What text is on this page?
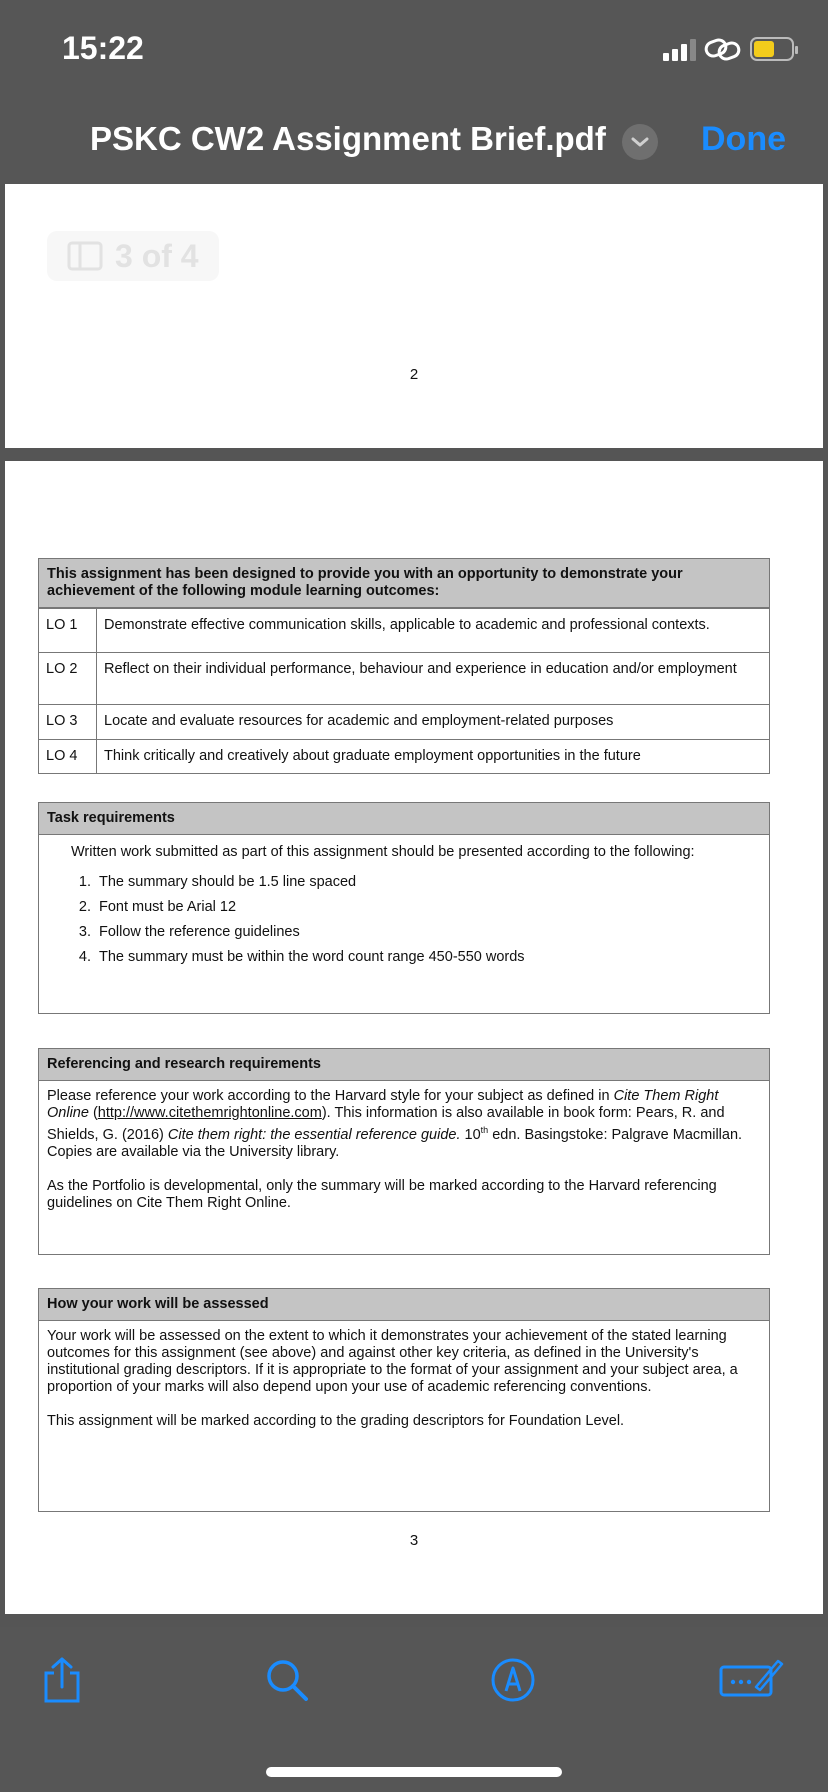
15:22
PSKC CW2 Assignment Brief.pdf	Done
3 of 4
2
This assignment has been designed to provide you with an opportunity to demonstrate your achievement of the following module learning outcomes:
LO 1	Demonstrate effective communication skills, applicable to academic and professional contexts.
LO 2	Reflect on their individual performance, behaviour and experience in education and/or employment
LO 3	Locate and evaluate resources for academic and employment-related purposes
LO 4	Think critically and creatively about graduate employment opportunities in the future
Task requirements
Written work submitted as part of this assignment should be presented according to the following:
1. The summary should be 1.5 line spaced
2. Font must be Arial 12
3. Follow the reference guidelines
4. The summary must be within the word count range 450-550 words
Referencing and research requirements
Please reference your work according to the Harvard style for your subject as defined in Cite Them Right Online (http://www.citethemrightonline.com). This information is also available in book form: Pears, R. and Shields, G. (2016) Cite them right: the essential reference guide. 10th edn. Basingstoke: Palgrave Macmillan. Copies are available via the University library.
As the Portfolio is developmental, only the summary will be marked according to the Harvard referencing guidelines on Cite Them Right Online.
How your work will be assessed
Your work will be assessed on the extent to which it demonstrates your achievement of the stated learning outcomes for this assignment (see above) and against other key criteria, as defined in the University's institutional grading descriptors. If it is appropriate to the format of your assignment and your subject area, a proportion of your marks will also depend upon your use of academic referencing conventions.
This assignment will be marked according to the grading descriptors for Foundation Level.
3
